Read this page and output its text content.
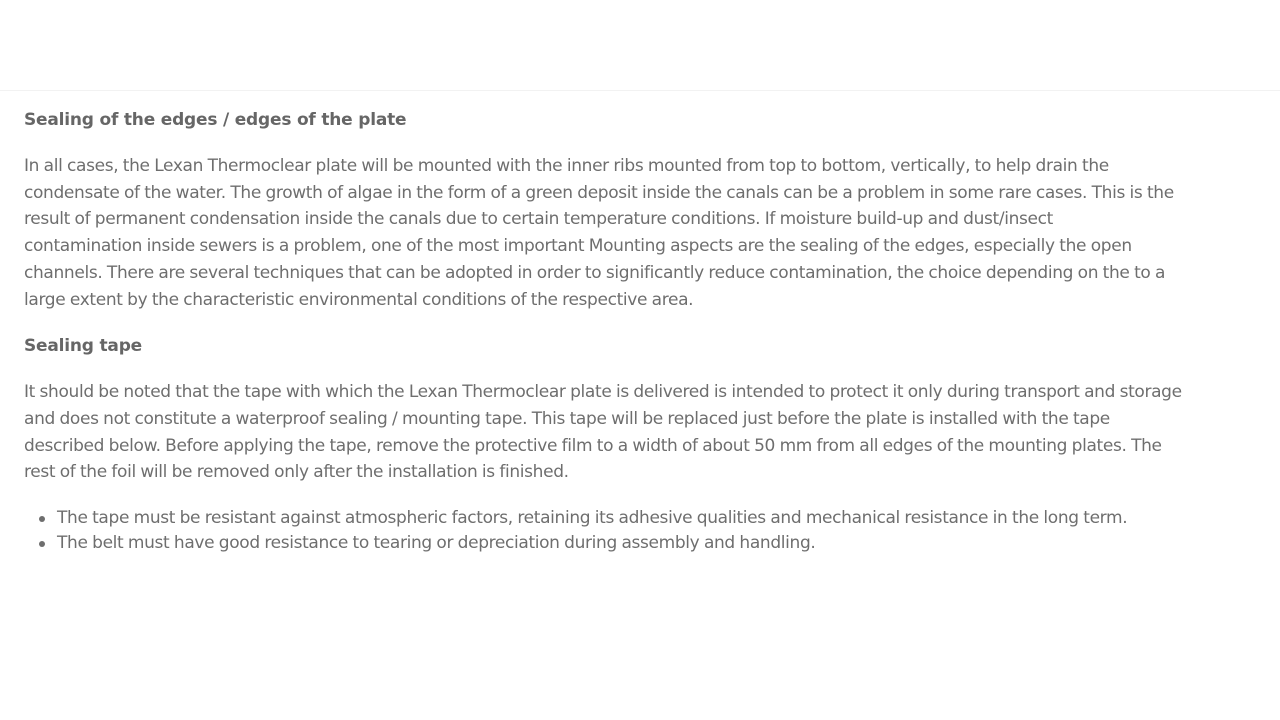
Sealing of the edges / edges of the plate
In all cases, the Lexan Thermoclear plate will be mounted with the inner ribs mounted from top to bottom, vertically, to help drain the
condensate of the water. The growth of algae in the form of a green deposit inside the canals can be a problem in some rare cases. This is the
result of permanent condensation inside the canals due to certain temperature conditions. If moisture build-up and dust/insect
contamination inside sewers is a problem, one of the most important Mounting aspects are the sealing of the edges, especially the open
channels. There are several techniques that can be adopted in order to significantly reduce contamination, the choice depending on the to a
large extent by the characteristic environmental conditions of the respective area.
Sealing tape
It should be noted that the tape with which the Lexan Thermoclear plate is delivered is intended to protect it only during transport and storage
and does not constitute a waterproof sealing / mounting tape. This tape will be replaced just before the plate is installed with the tape
described below. Before applying the tape, remove the protective film to a width of about 50 mm from all edges of the mounting plates. The
rest of the foil will be removed only after the installation is finished.
The tape must be resistant against atmospheric factors, retaining its adhesive qualities and mechanical resistance in the long term.
The belt must have good resistance to tearing or depreciation during assembly and handling.
